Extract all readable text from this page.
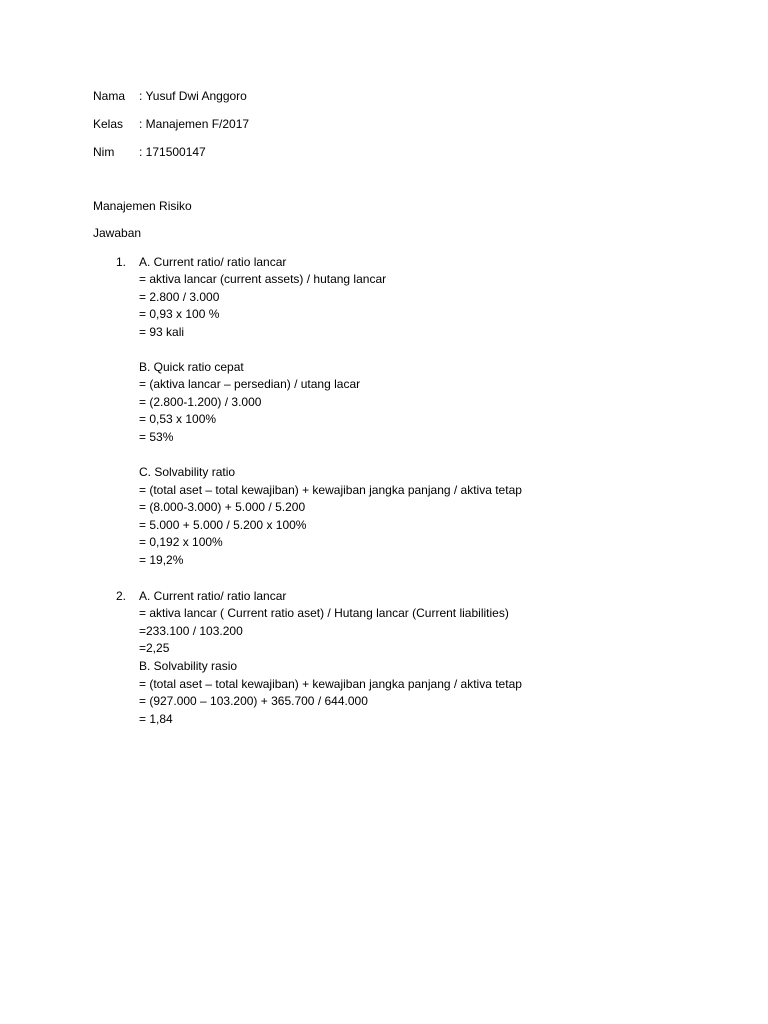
Nama	: Yusuf Dwi Anggoro
Kelas	: Manajemen F/2017
Nim	: 171500147
Manajemen Risiko
Jawaban
1. A. Current ratio/ ratio lancar
= aktiva lancar (current assets) / hutang lancar
= 2.800 / 3.000
= 0,93 x 100 %
= 93 kali
B. Quick ratio cepat
= (aktiva lancar – persedian) / utang lacar
= (2.800-1.200) / 3.000
= 0,53 x 100%
= 53%
C. Solvability ratio
= (total aset – total kewajiban) + kewajiban jangka panjang / aktiva tetap
= (8.000-3.000) + 5.000 / 5.200
= 5.000 + 5.000 / 5.200 x 100%
= 0,192 x 100%
= 19,2%
2. A. Current ratio/ ratio lancar
= aktiva lancar ( Current ratio aset) / Hutang lancar (Current liabilities)
=233.100 / 103.200
=2,25
B. Solvability rasio
= (total aset – total kewajiban) + kewajiban jangka panjang / aktiva tetap
= (927.000 – 103.200) + 365.700 / 644.000
= 1,84
